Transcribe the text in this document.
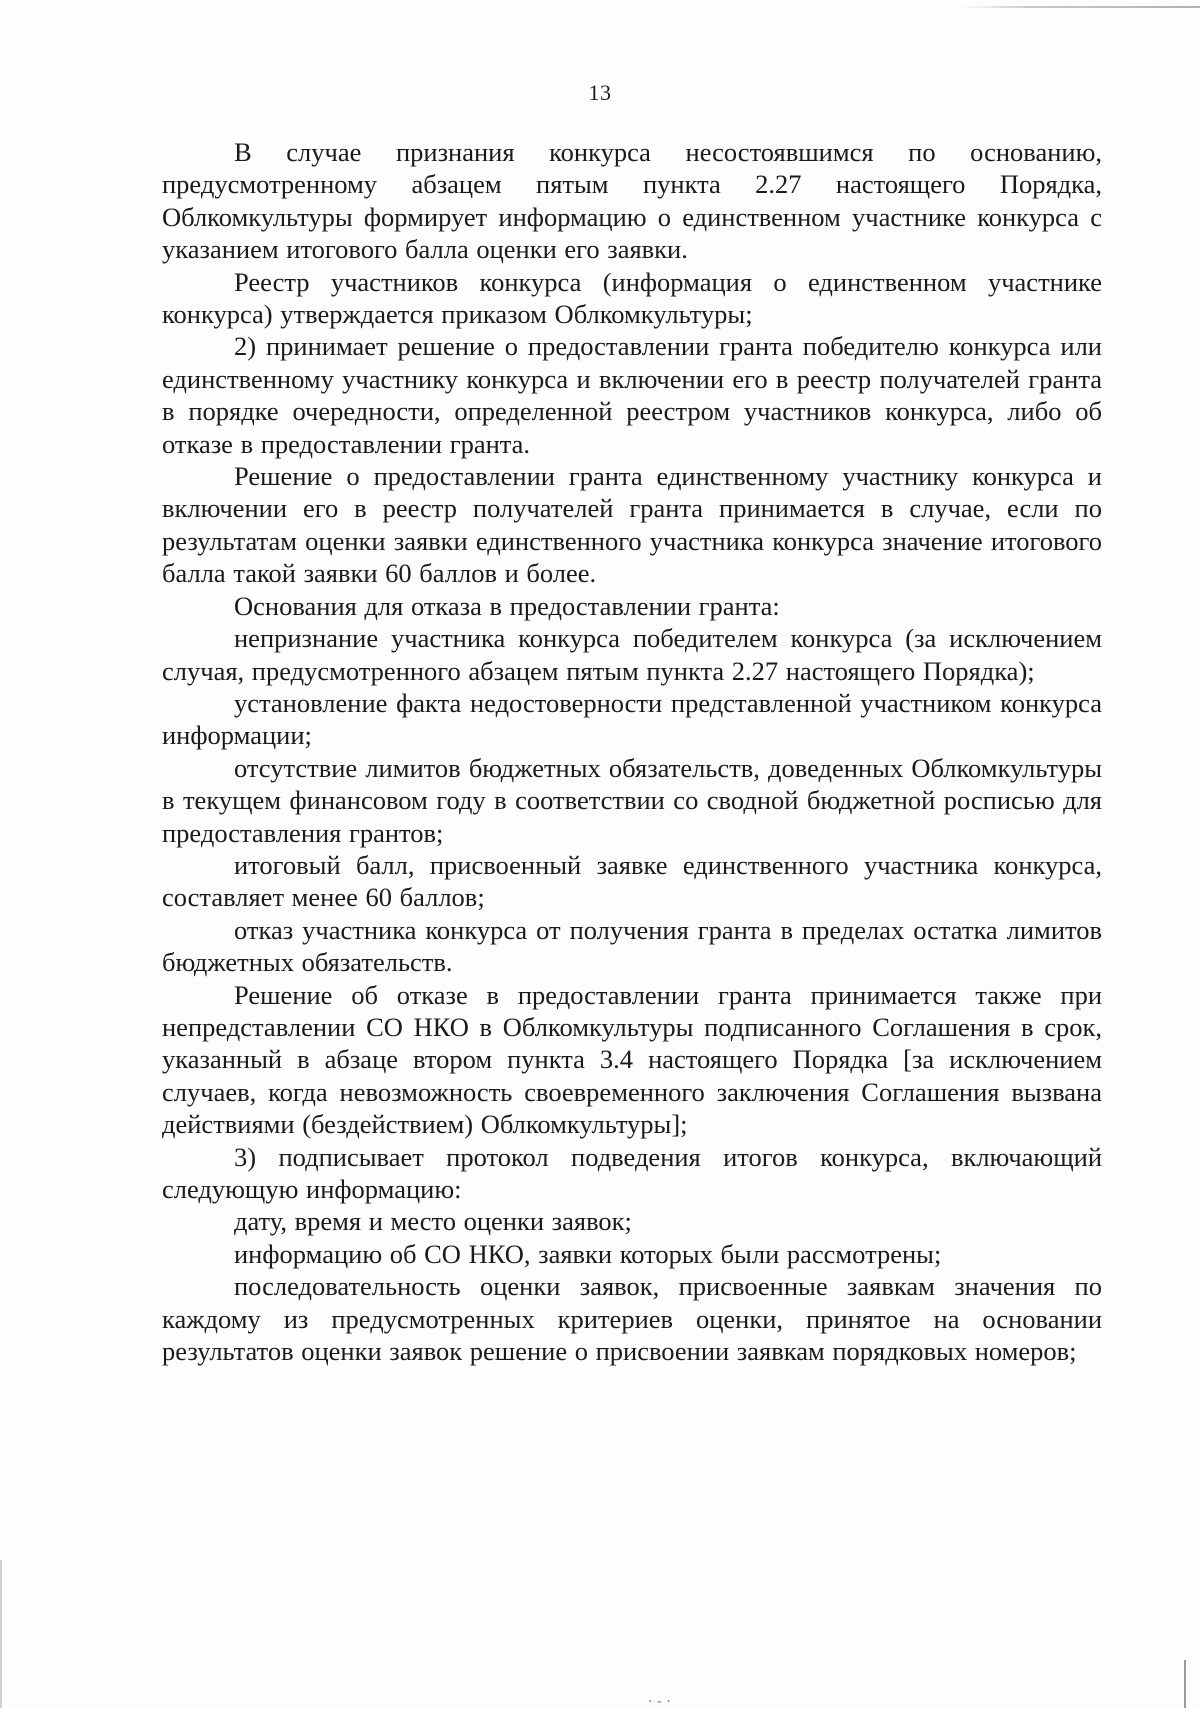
· - ·
13

В случае признания конкурса несостоявшимся по основанию, предусмотренному абзацем пятым пункта 2.27 настоящего Порядка, Облкомкультуры формирует информацию о единственном участнике конкурса с указанием итогового балла оценки его заявки.

Реестр участников конкурса (информация о единственном участнике конкурса) утверждается приказом Облкомкультуры;

2) принимает решение о предоставлении гранта победителю конкурса или единственному участнику конкурса и включении его в реестр получателей гранта в порядке очередности, определенной реестром участников конкурса, либо об отказе в предоставлении гранта.

Решение о предоставлении гранта единственному участнику конкурса и включении его в реестр получателей гранта принимается в случае, если по результатам оценки заявки единственного участника конкурса значение итогового балла такой заявки 60 баллов и более.

Основания для отказа в предоставлении гранта:

непризнание участника конкурса победителем конкурса (за исключением случая, предусмотренного абзацем пятым пункта 2.27 настоящего Порядка);

установление факта недостоверности представленной участником конкурса информации;

отсутствие лимитов бюджетных обязательств, доведенных Облкомкультуры в текущем финансовом году в соответствии со сводной бюджетной росписью для предоставления грантов;

итоговый балл, присвоенный заявке единственного участника конкурса, составляет менее 60 баллов;

отказ участника конкурса от получения гранта в пределах остатка лимитов бюджетных обязательств.

Решение об отказе в предоставлении гранта принимается также при непредставлении СО НКО в Облкомкультуры подписанного Соглашения в срок, указанный в абзаце втором пункта 3.4 настоящего Порядка [за исключением случаев, когда невозможность своевременного заключения Соглашения вызвана действиями (бездействием) Облкомкультуры];

3) подписывает протокол подведения итогов конкурса, включающий следующую информацию:

дату, время и место оценки заявок;

информацию об СО НКО, заявки которых были рассмотрены;

последовательность оценки заявок, присвоенные заявкам значения по каждому из предусмотренных критериев оценки, принятое на основании результатов оценки заявок решение о присвоении заявкам порядковых номеров;
